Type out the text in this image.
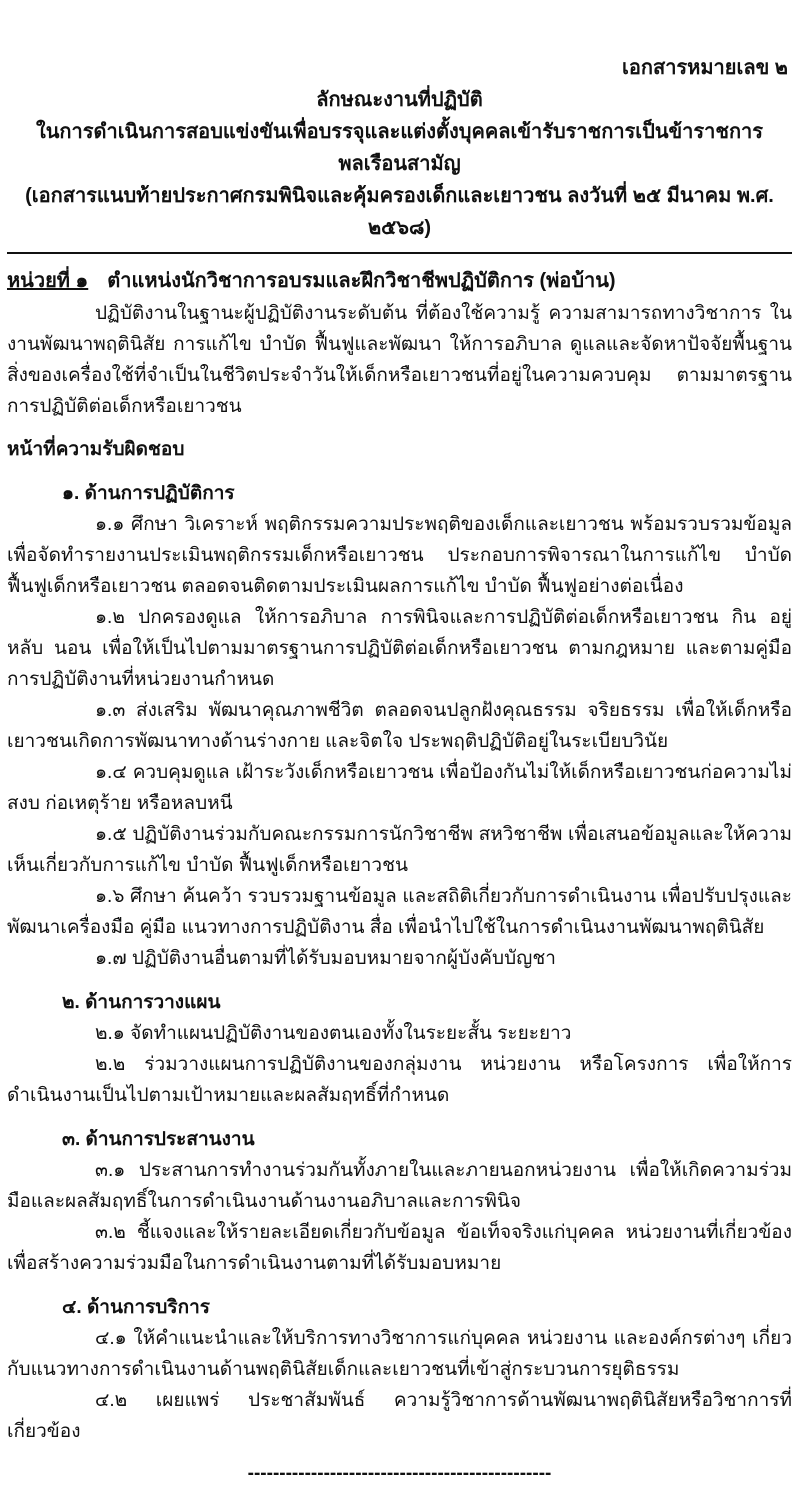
เอกสารหมายเลข ๒
ลักษณะงานที่ปฏิบัติ
ในการดำเนินการสอบแข่งขันเพื่อบรรจุและแต่งตั้งบุคคลเข้ารับราชการเป็นข้าราชการพลเรือนสามัญ
(เอกสารแนบท้ายประกาศกรมพินิจและคุ้มครองเด็กและเยาวชน ลงวันที่ ๒๕ มีนาคม พ.ศ. ๒๕๖๘)
หน่วยที่ ๑ ตำแหน่งนักวิชาการอบรมและฝึกวิชาชีพปฏิบัติการ (พ่อบ้าน)

ปฏิบัติงานในฐานะผู้ปฏิบัติงานระดับต้น ที่ต้องใช้ความรู้ ความสามารถทางวิชาการ ในงานพัฒนาพฤตินิสัย การแก้ไข บำบัด ฟื้นฟูและพัฒนา ให้การอภิบาล ดูแลและจัดหาปัจจัยพื้นฐาน สิ่งของเครื่องใช้ที่จำเป็นในชีวิตประจำวันให้เด็กหรือเยาวชนที่อยู่ในความควบคุม ตามมาตรฐานการปฏิบัติต่อเด็กหรือเยาวชน

หน้าที่ความรับผิดชอบ
๑. ด้านการปฏิบัติการ

๑.๑ ศึกษา วิเคราะห์ พฤติกรรมความประพฤติของเด็กและเยาวชน พร้อมรวบรวมข้อมูล เพื่อจัดทำรายงานประเมินพฤติกรรมเด็กหรือเยาวชน ประกอบการพิจารณาในการแก้ไข บำบัด ฟื้นฟูเด็กหรือเยาวชน ตลอดจนติดตามประเมินผลการแก้ไข บำบัด ฟื้นฟูอย่างต่อเนื่อง

๑.๒ ปกครองดูแล ให้การอภิบาล การพินิจและการปฏิบัติต่อเด็กหรือเยาวชน กิน อยู่ หลับ นอน เพื่อให้เป็นไปตามมาตรฐานการปฏิบัติต่อเด็กหรือเยาวชน ตามกฎหมาย และตามคู่มือการปฏิบัติงานที่หน่วยงานกำหนด

๑.๓ ส่งเสริม พัฒนาคุณภาพชีวิต ตลอดจนปลูกฝังคุณธรรม จริยธรรม เพื่อให้เด็กหรือเยาวชนเกิดการพัฒนาทางด้านร่างกาย และจิตใจ ประพฤติปฏิบัติอยู่ในระเบียบวินัย

๑.๔ ควบคุมดูแล เฝ้าระวังเด็กหรือเยาวชน เพื่อป้องกันไม่ให้เด็กหรือเยาวชนก่อความไม่สงบ ก่อเหตุร้าย หรือหลบหนี

๑.๕ ปฏิบัติงานร่วมกับคณะกรรมการนักวิชาชีพ สหวิชาชีพ เพื่อเสนอข้อมูลและให้ความเห็นเกี่ยวกับการแก้ไข บำบัด ฟื้นฟูเด็กหรือเยาวชน

๑.๖ ศึกษา ค้นคว้า รวบรวมฐานข้อมูล และสถิติเกี่ยวกับการดำเนินงาน เพื่อปรับปรุงและพัฒนาเครื่องมือ คู่มือ แนวทางการปฏิบัติงาน สื่อ เพื่อนำไปใช้ในการดำเนินงานพัฒนาพฤตินิสัย

๑.๗ ปฏิบัติงานอื่นตามที่ได้รับมอบหมายจากผู้บังคับบัญชา

๒. ด้านการวางแผน

๒.๑ จัดทำแผนปฏิบัติงานของตนเองทั้งในระยะสั้น ระยะยาว

๒.๒ ร่วมวางแผนการปฏิบัติงานของกลุ่มงาน หน่วยงาน หรือโครงการ เพื่อให้การดำเนินงานเป็นไปตามเป้าหมายและผลสัมฤทธิ์ที่กำหนด

๓. ด้านการประสานงาน

๓.๑ ประสานการทำงานร่วมกันทั้งภายในและภายนอกหน่วยงาน เพื่อให้เกิดความร่วมมือและผลสัมฤทธิ์ในการดำเนินงานด้านงานอภิบาลและการพินิจ

๓.๒ ชี้แจงและให้รายละเอียดเกี่ยวกับข้อมูล ข้อเท็จจริงแก่บุคคล หน่วยงานที่เกี่ยวข้อง เพื่อสร้างความร่วมมือในการดำเนินงานตามที่ได้รับมอบหมาย

๔. ด้านการบริการ

๔.๑ ให้คำแนะนำและให้บริการทางวิชาการแก่บุคคล หน่วยงาน และองค์กรต่างๆ เกี่ยวกับแนวทางการดำเนินงานด้านพฤตินิสัยเด็กและเยาวชนที่เข้าสู่กระบวนการยุติธรรม

๔.๒ เผยแพร่ ประชาสัมพันธ์ ความรู้วิชาการด้านพัฒนาพฤตินิสัยหรือวิชาการที่เกี่ยวข้อง

------------------------------------------------
